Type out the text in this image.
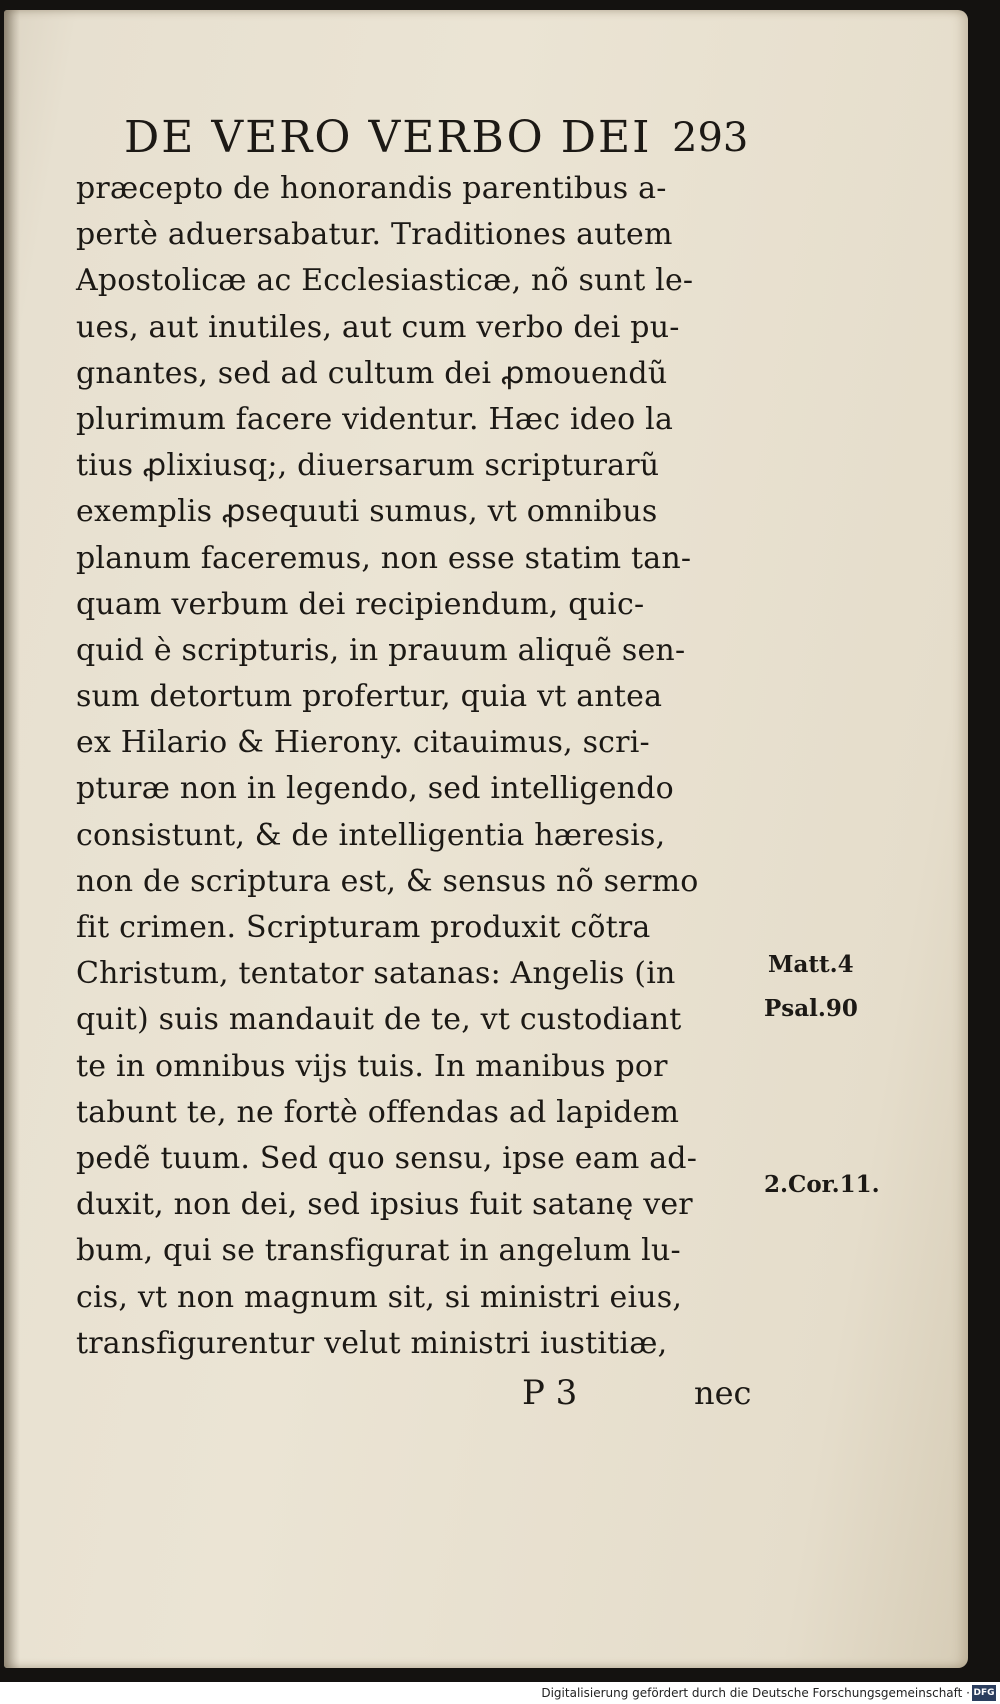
DE VERO VERBO DEI 293
præcepto de honorandis parentibus a-
pertè aduersabatur. Traditiones autem
Apostolicæ ac Ecclesiasticæ, nõ sunt le-
ues, aut inutiles, aut cum verbo dei pu-
gnantes, sed ad cultum dei ꝓmouendũ
plurimum facere videntur. Hæc ideo la
tius ꝓlixiusq;, diuersarum scripturarũ
exemplis ꝓsequuti sumus, vt omnibus
planum faceremus, non esse statim tan-
quam verbum dei recipiendum, quic-
quid è scripturis, in prauum aliquẽ sen-
sum detortum profertur, quia vt antea
ex Hilario & Hierony. citauimus, scri-
pturæ non in legendo, sed intelligendo
consistunt, & de intelligentia hæresis,
non de scriptura est, & sensus nõ sermo
fit crimen. Scripturam produxit cõtra
Christum, tentator satanas: Angelis (in
quit) suis mandauit de te, vt custodiant
te in omnibus vijs tuis. In manibus por
tabunt te, ne fortè offendas ad lapidem
pedẽ tuum. Sed quo sensu, ipse eam ad-
duxit, non dei, sed ipsius fuit satanę ver
bum, qui se transfigurat in angelum lu-
cis, vt non magnum sit, si ministri eius,
transfigurentur velut ministri iustitiæ,
Matt.4
Psal.90
2.Cor.11.
P 3	nec
Digitalisierung gefördert durch die Deutsche Forschungsgemeinschaft · DFG
